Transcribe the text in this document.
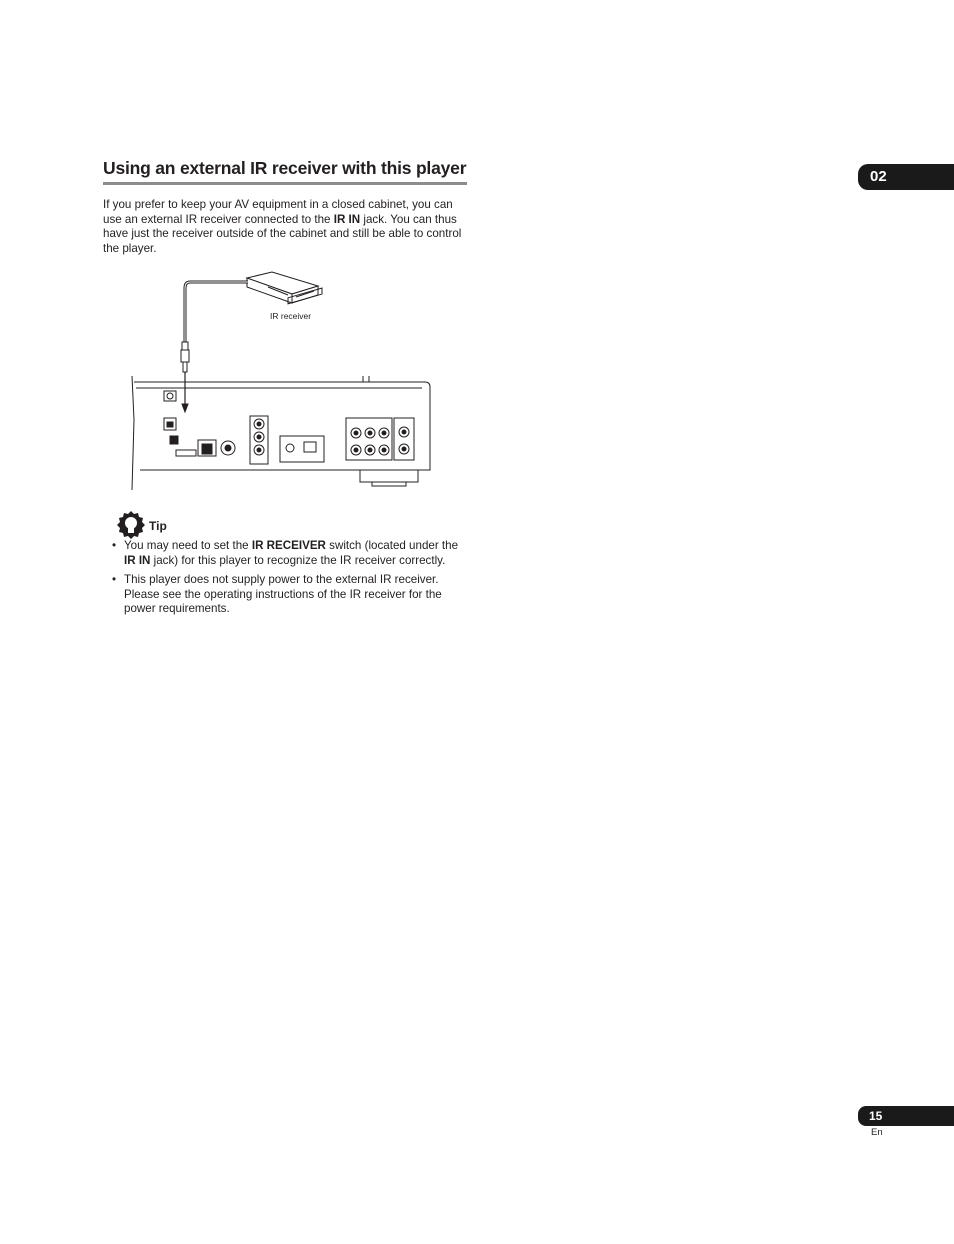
Using an external IR receiver with this player

If you prefer to keep your AV equipment in a closed cabinet, you can use an external IR receiver connected to the IR IN jack. You can thus have just the receiver outside of the cabinet and still be able to control the player.

02
IR receiver
Tip
• You may need to set the IR RECEIVER switch (located under the IR IN jack) for this player to recognize the IR receiver correctly.
• This player does not supply power to the external IR receiver. Please see the operating instructions of the IR receiver for the power requirements.
15
En
